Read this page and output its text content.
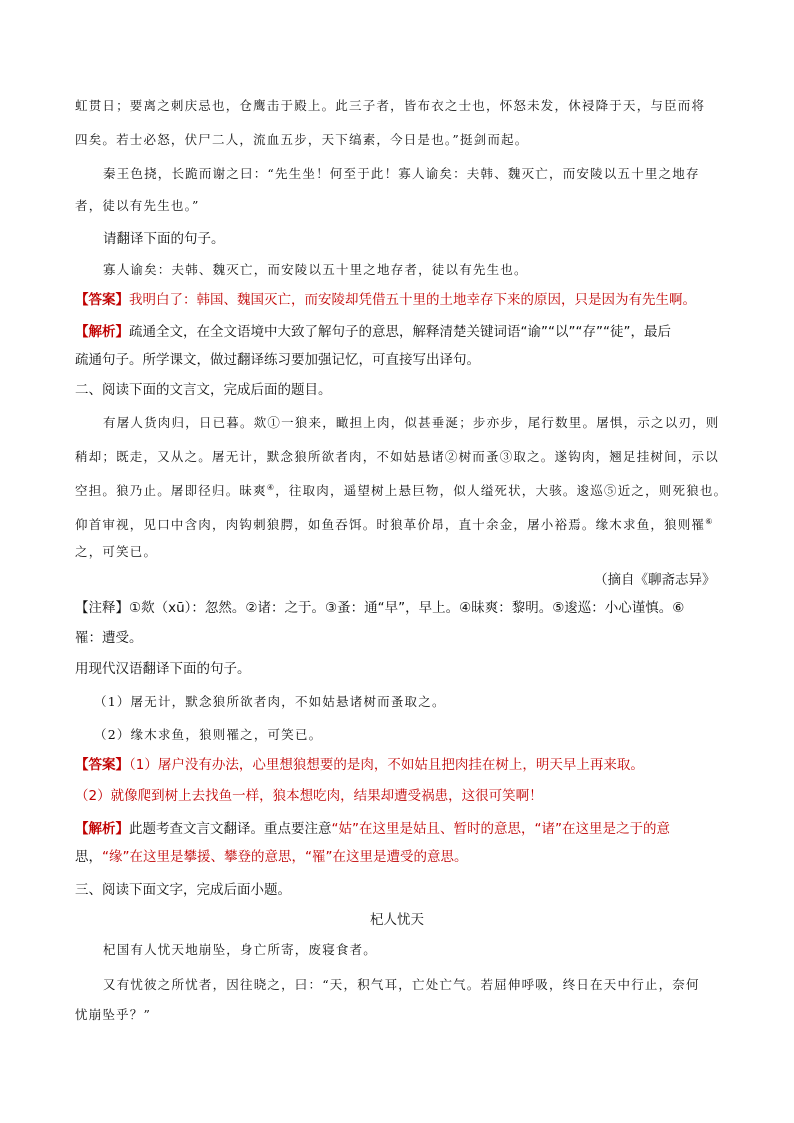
虹贯日；要离之刺庆忌也，仓鹰击于殿上。此三子者，皆布衣之士也，怀怒未发，休祲降于天，与臣而将
四矣。若士必怒，伏尸二人，流血五步，天下缟素，今日是也。”挺剑而起。
秦王色挠，长跪而谢之曰：“先生坐！何至于此！寡人谕矣：夫韩、魏灭亡，而安陵以五十里之地存
者，徒以有先生也。”
请翻译下面的句子。
寡人谕矣：夫韩、魏灭亡，而安陵以五十里之地存者，徒以有先生也。
【答案】我明白了：韩国、魏国灭亡，而安陵却凭借五十里的土地幸存下来的原因，只是因为有先生啊。
【解析】疏通全文，在全文语境中大致了解句子的意思，解释清楚关键词语“谕”“以”“存”“徒”，最后
疏通句子。所学课文，做过翻译练习要加强记忆，可直接写出译句。
二、阅读下面的文言文，完成后面的题目。
有屠人货肉归，日已暮。欻①一狼来，瞰担上肉，似甚垂涎；步亦步，尾行数里。屠惧，示之以刃，则
稍却；既走，又从之。屠无计，默念狼所欲者肉，不如姑悬诸②树而蚤③取之。遂钩肉，翘足挂树间，示以
空担。狼乃止。屠即径归。昧爽④，往取肉，遥望树上悬巨物，似人缢死状，大骇。逡巡⑤近之，则死狼也。
仰首审视，见口中含肉，肉钩刺狼腭，如鱼吞饵。时狼革价昂，直十余金，屠小裕焉。缘木求鱼，狼则罹⑥
之，可笑已。
（摘自《聊斋志异》
【注释】①欻（xū）：忽然。②诸：之于。③蚤：通“早”，早上。④昧爽：黎明。⑤逡巡：小心谨慎。⑥
罹：遭受。
用现代汉语翻译下面的句子。
（1）屠无计，默念狼所欲者肉，不如姑悬诸树而蚤取之。
（2）缘木求鱼，狼则罹之，可笑已。
【答案】（1）屠户没有办法，心里想狼想要的是肉，不如姑且把肉挂在树上，明天早上再来取。
（2）就像爬到树上去找鱼一样，狼本想吃肉，结果却遭受祸患，这很可笑啊！
【解析】此题考查文言文翻译。重点要注意“姑”在这里是姑且、暂时的意思，“诸”在这里是之于的意
思，“缘”在这里是攀援、攀登的意思，“罹”在这里是遭受的意思。
三、阅读下面文字，完成后面小题。
杞人忧天
杞国有人忧天地崩坠，身亡所寄，废寝食者。
又有忧彼之所忧者，因往晓之，曰：“天，积气耳，亡处亡气。若屈伸呼吸，终日在天中行止，奈何
忧崩坠乎？”
